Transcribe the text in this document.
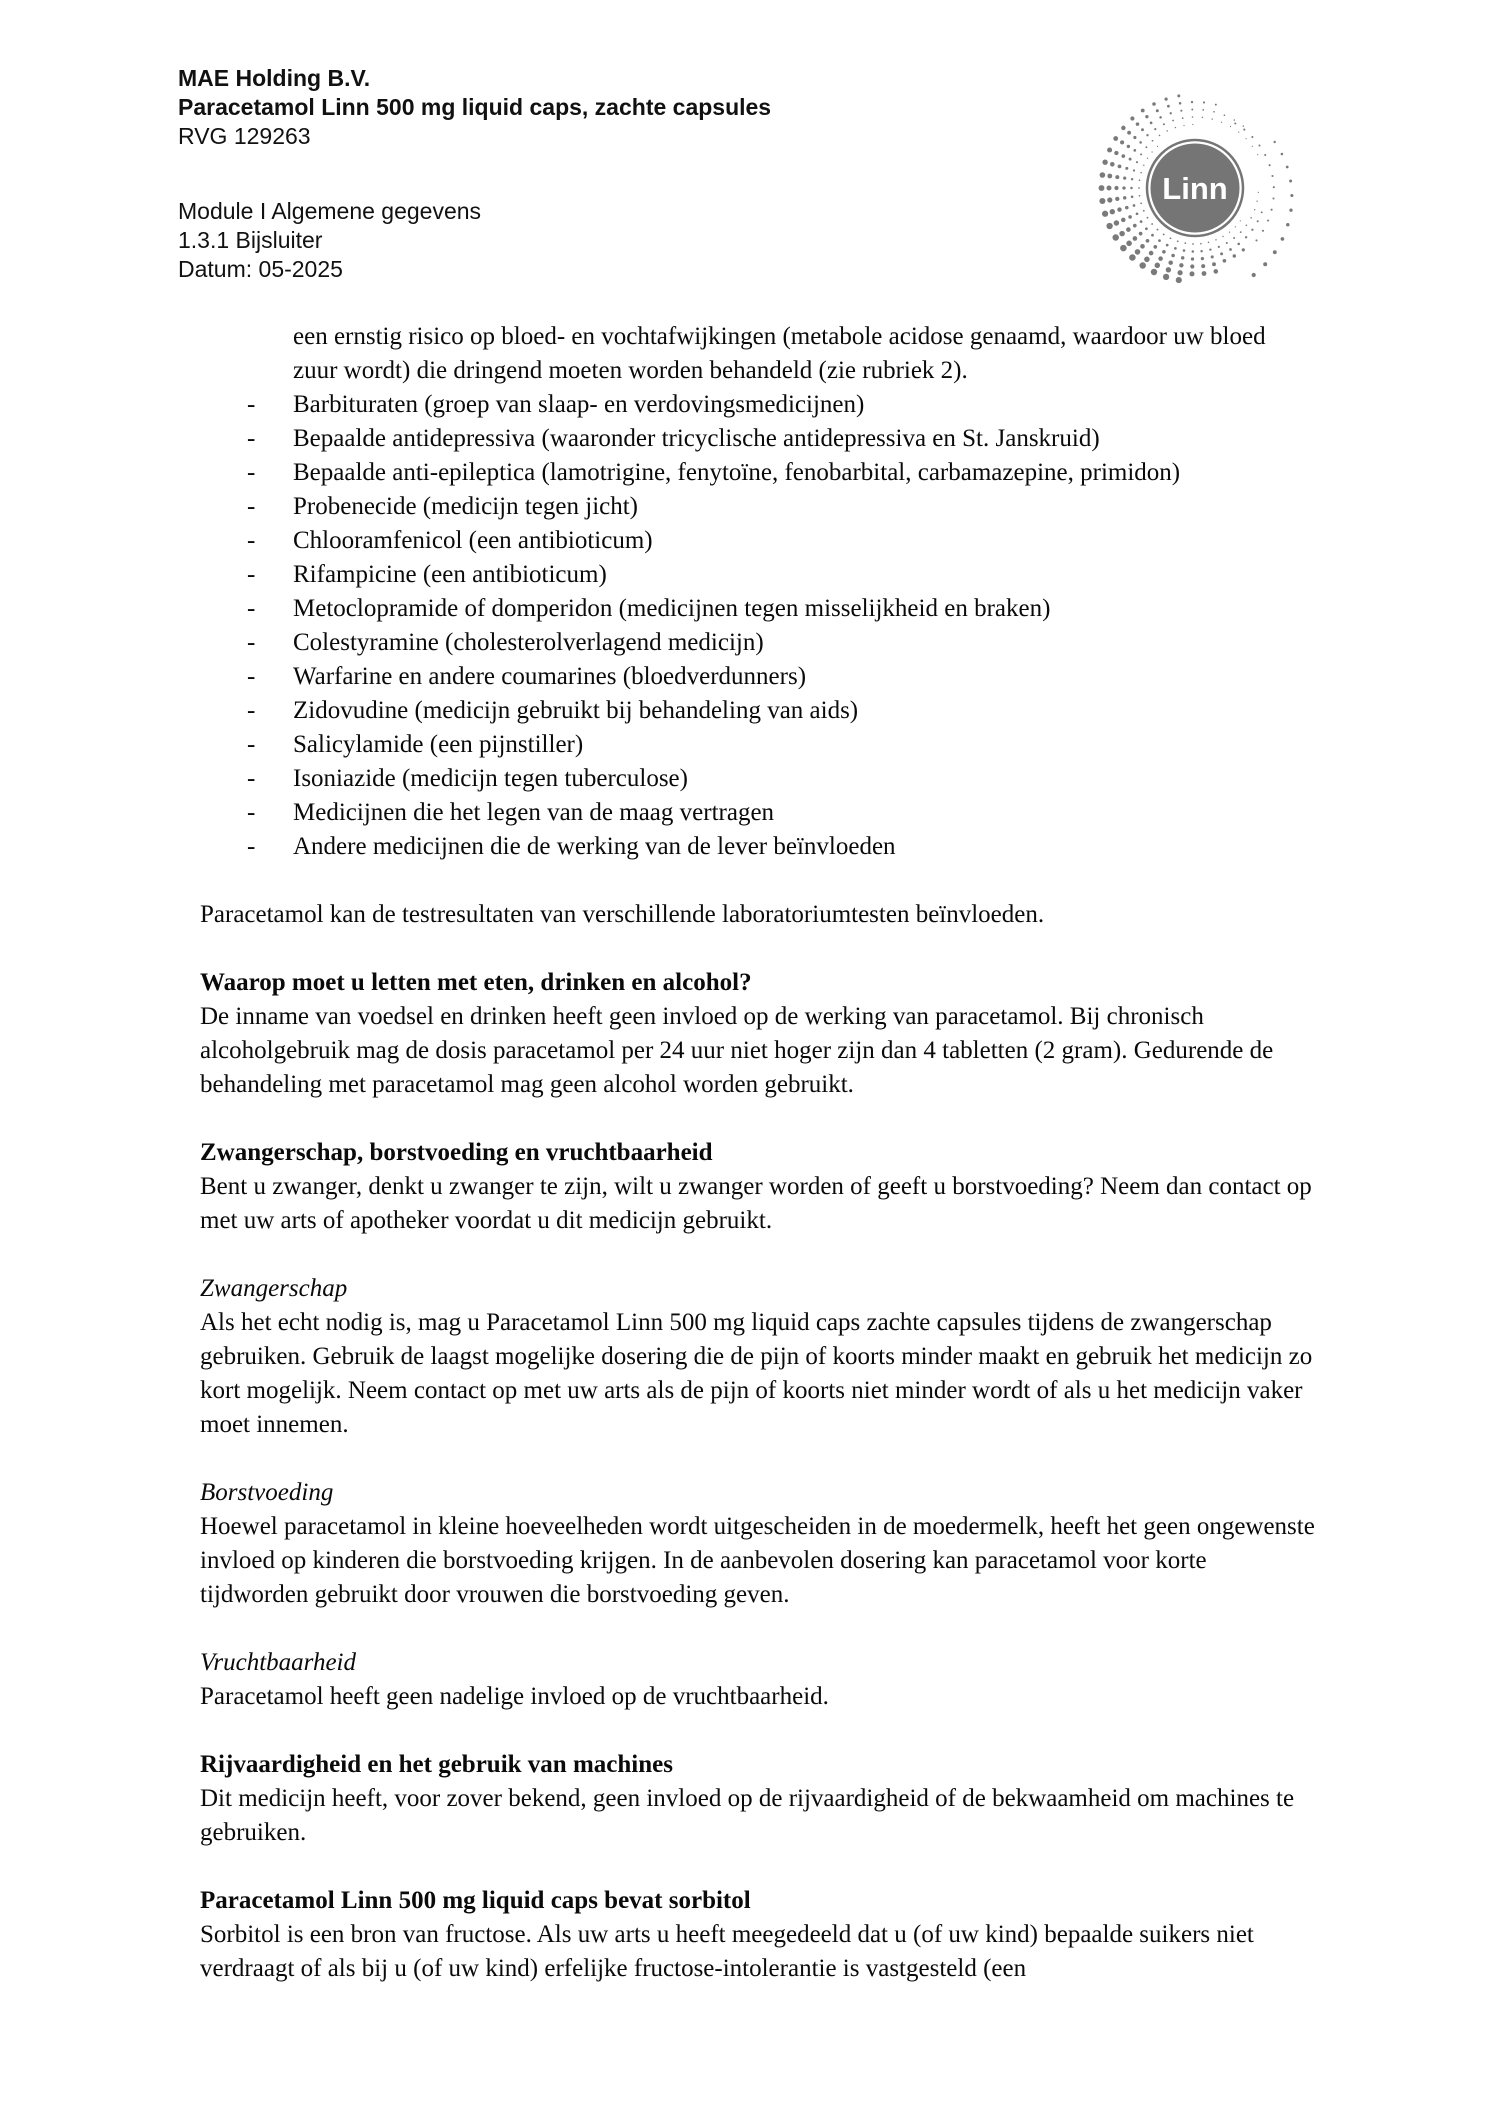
MAE Holding B.V.
Paracetamol Linn 500 mg liquid caps, zachte capsules
RVG 129263
Module I Algemene gegevens
1.3.1 Bijsluiter
Datum: 05-2025
Linn

een ernstig risico op bloed- en vochtafwijkingen (metabole acidose genaamd, waardoor uw bloed zuur wordt) die dringend moeten worden behandeld (zie rubriek 2).

-	Barbituraten (groep van slaap- en verdovingsmedicijnen)
-	Bepaalde antidepressiva (waaronder tricyclische antidepressiva en St. Janskruid)
-	Bepaalde anti-epileptica (lamotrigine, fenytoïne, fenobarbital, carbamazepine, primidon)
-	Probenecide (medicijn tegen jicht)
-	Chlooramfenicol (een antibioticum)
-	Rifampicine (een antibioticum)
-	Metoclopramide of domperidon (medicijnen tegen misselijkheid en braken)
-	Colestyramine (cholesterolverlagend medicijn)
-	Warfarine en andere coumarines (bloedverdunners)
-	Zidovudine (medicijn gebruikt bij behandeling van aids)
-	Salicylamide (een pijnstiller)
-	Isoniazide (medicijn tegen tuberculose)
-	Medicijnen die het legen van de maag vertragen
-	Andere medicijnen die de werking van de lever beïnvloeden

Paracetamol kan de testresultaten van verschillende laboratoriumtesten beïnvloeden.

Waarop moet u letten met eten, drinken en alcohol?

De inname van voedsel en drinken heeft geen invloed op de werking van paracetamol. Bij chronisch alcoholgebruik mag de dosis paracetamol per 24 uur niet hoger zijn dan 4 tabletten (2 gram). Gedurende de behandeling met paracetamol mag geen alcohol worden gebruikt.

Zwangerschap, borstvoeding en vruchtbaarheid

Bent u zwanger, denkt u zwanger te zijn, wilt u zwanger worden of geeft u borstvoeding? Neem dan contact op met uw arts of apotheker voordat u dit medicijn gebruikt.

Zwangerschap

Als het echt nodig is, mag u Paracetamol Linn 500 mg liquid caps zachte capsules tijdens de zwangerschap gebruiken. Gebruik de laagst mogelijke dosering die de pijn of koorts minder maakt en gebruik het medicijn zo kort mogelijk. Neem contact op met uw arts als de pijn of koorts niet minder wordt of als u het medicijn vaker moet innemen.

Borstvoeding

Hoewel paracetamol in kleine hoeveelheden wordt uitgescheiden in de moedermelk, heeft het geen ongewenste invloed op kinderen die borstvoeding krijgen. In de aanbevolen dosering kan paracetamol voor korte tijdworden gebruikt door vrouwen die borstvoeding geven.

Vruchtbaarheid

Paracetamol heeft geen nadelige invloed op de vruchtbaarheid.

Rijvaardigheid en het gebruik van machines

Dit medicijn heeft, voor zover bekend, geen invloed op de rijvaardigheid of de bekwaamheid om machines te gebruiken.

Paracetamol Linn 500 mg liquid caps bevat sorbitol

Sorbitol is een bron van fructose. Als uw arts u heeft meegedeeld dat u (of uw kind) bepaalde suikers niet verdraagt of als bij u (of uw kind) erfelijke fructose-intolerantie is vastgesteld (een
